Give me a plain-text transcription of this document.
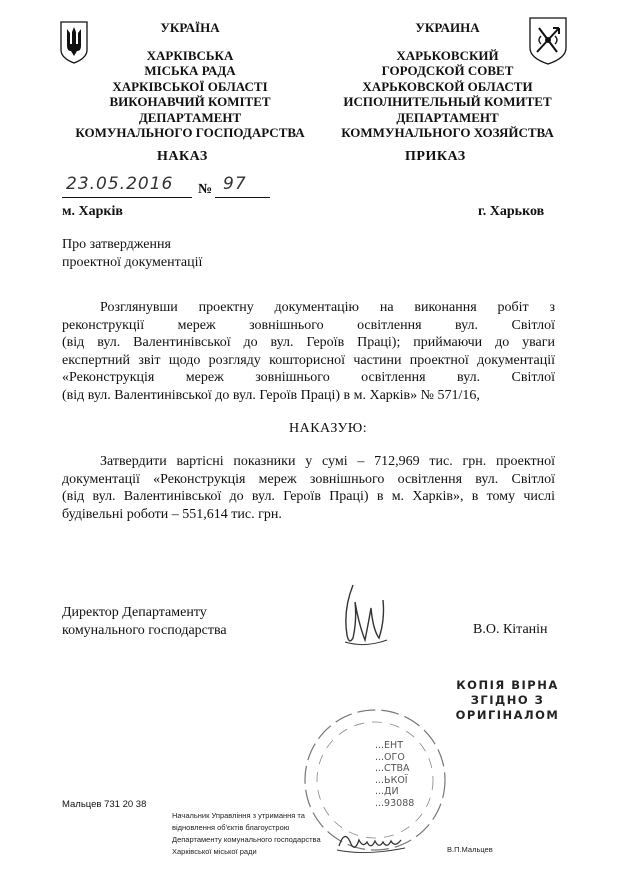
УКРАЇНА
ХАРКІВСЬКА
МІСЬКА РАДА
ХАРКІВСЬКОЇ ОБЛАСТІ
ВИКОНАВЧИЙ КОМІТЕТ
ДЕПАРТАМЕНТ
КОМУНАЛЬНОГО ГОСПОДАРСТВА
УКРАИНА
ХАРЬКОВСКИЙ
ГОРОДСКОЙ СОВЕТ
ХАРЬКОВСКОЙ ОБЛАСТИ
ИСПОЛНИТЕЛЬНЫЙ КОМИТЕТ
ДЕПАРТАМЕНТ
КОММУНАЛЬНОГО ХОЗЯЙСТВА
НАКАЗ	ПРИКАЗ
23.05.2016 № 97
м. Харків	г. Харьков
Про затвердження
проектної документації
Розглянувши проектну документацію на виконання робіт з
реконструкції мереж зовнішнього освітлення вул. Світлої
(від вул. Валентинівської до вул. Героїв Праці); приймаючи до уваги
експертний звіт щодо розгляду кошторисної частини проектної документації
«Реконструкція мереж зовнішнього освітлення вул. Світлої
(від вул. Валентинівської до вул. Героїв Праці) в м. Харків» № 571/16,
НАКАЗУЮ:
Затвердити вартісні показники у сумі – 712,969 тис. грн. проектної
документації «Реконструкція мереж зовнішнього освітлення вул. Світлої
(від вул. Валентинівської до вул. Героїв Праці) в м. Харків», в тому числі
будівельні роботи – 551,614 тис. грн.
Директор Департаменту
комунального господарства	В.О. Кітанін
КОПІЯ ВІРНА
ЗГІДНО З
ОРИГІНАЛОМ
...ЕНТ
...ОГО
...СТВА
...ЬКОЇ
...ДИ
...93088
Мальцев 731 20 38
Начальник Управління з утримання та
відновлення об'єктів благоустрою
Департаменту комунального господарства
Харківської міської ради	В.П.Мальцев
